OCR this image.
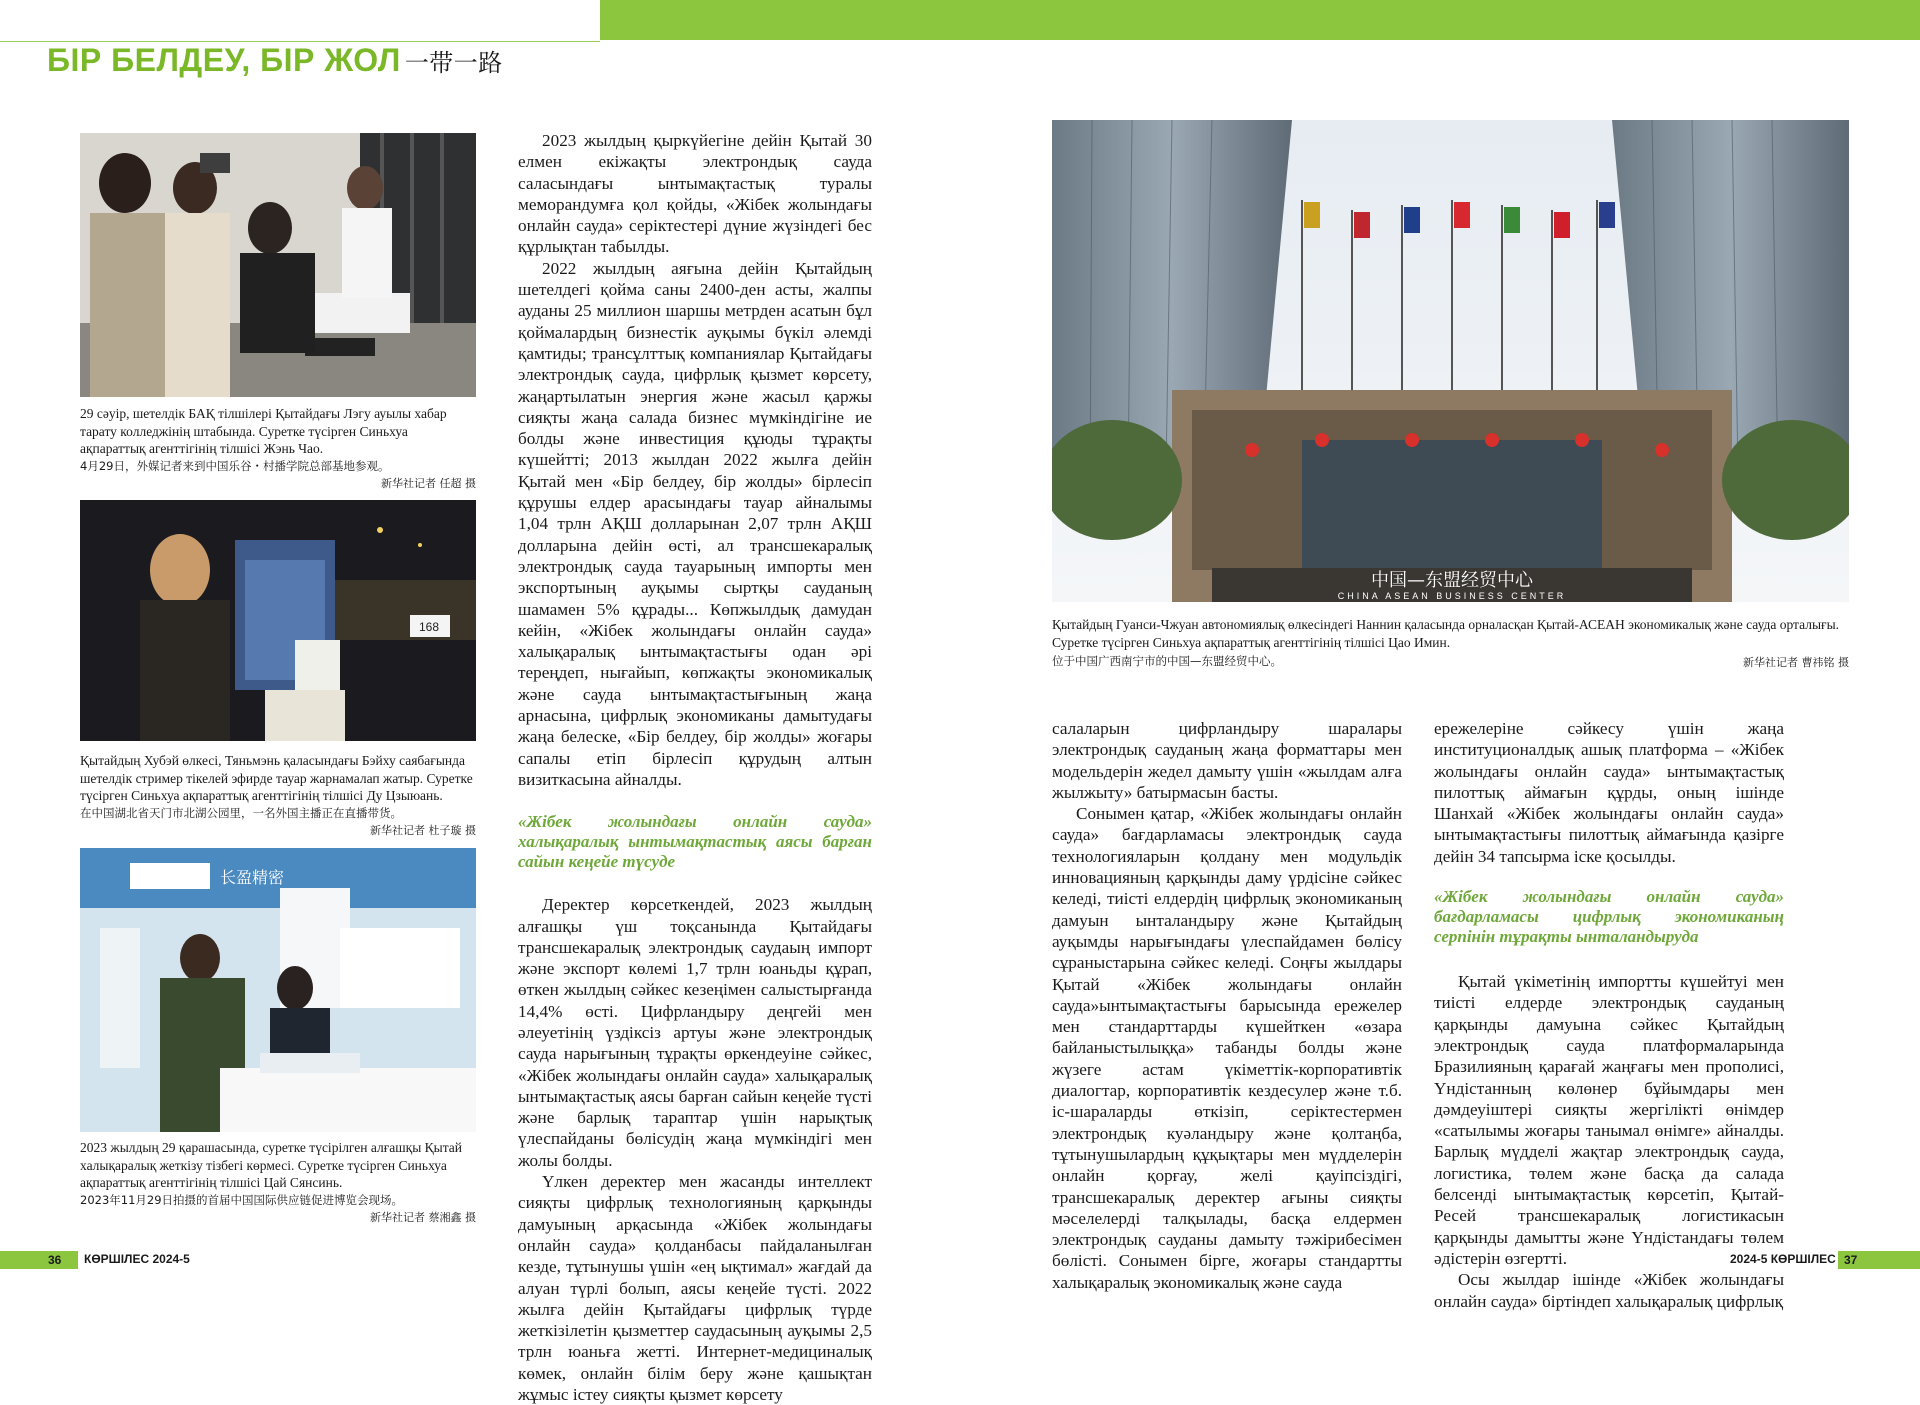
БІР БЕЛДЕУ, БІР ЖОЛ 一带一路
29 сәуір, шетелдік БАҚ тілшілері Қытайдағы Лэгу ауылы хабар тарату колледжінің штабында. Суретке түсірген Синьхуа ақпараттық агенттігінің тілшісі Жэнь Чао.
4月29日，外媒记者来到中国乐谷・村播学院总部基地参观。
新华社记者 任超 摄
168
Қытайдың Хубэй өлкесі, Тяньмэнь қаласындағы Бэйху саябағында шетелдік стример тікелей эфирде тауар жарнамалап жатыр. Суретке түсірген Синьхуа ақпараттық агенттігінің тілшісі Ду Цзыюань.
在中国湖北省天门市北湖公园里，一名外国主播正在直播带货。
新华社记者 杜子璇 摄
长盈精密
2023 жылдың 29 қарашасында, суретке түсірілген алғашқы Қытай халықаралық жеткізу тізбегі көрмесі. Суретке түсірген Синьхуа ақпараттық агенттігінің тілшісі Цай Сянсинь.
2023年11月29日拍摄的首届中国国际供应链促进博览会现场。
新华社记者 蔡湘鑫 摄

2023 жылдың қыркүйегіне дейін Қытай 30 елмен екіжақты электрондық сауда саласындағы ынтымақтастық туралы меморандумға қол қойды, «Жібек жолындағы онлайн сауда» серіктестері дүние жүзіндегі бес құрлықтан табылды.

2022 жылдың аяғына дейін Қытайдың шетелдегі қойма саны 2400-ден асты, жалпы ауданы 25 миллион шаршы метрден асатын бұл қоймалардың бизнестік ауқымы бүкіл әлемді қамтиды; трансұлттық компаниялар Қытайдағы электрондық сауда, цифрлық қызмет көрсету, жаңартылатын энергия және жасыл қаржы сияқты жаңа салада бизнес мүмкіндігіне ие болды және инвестиция құюды тұрақты күшейтті; 2013 жылдан 2022 жылға дейін Қытай мен «Бір белдеу, бір жолды» бірлесіп құрушы елдер арасындағы тауар айналымы 1,04 трлн АҚШ долларынан 2,07 трлн АҚШ долларына дейін өсті, ал трансшекаралық электрондық сауда тауарының импорты мен экспортының ауқымы сыртқы сауданың шамамен 5% құрады... Көпжылдық дамудан кейін, «Жібек жолындағы онлайн сауда» халықаралық ынтымақтастығы одан әрі тереңдеп, нығайып, көпжақты экономикалық және сауда ынтымақтастығының жаңа арнасына, цифрлық экономиканы дамытудағы жаңа белеске, «Бір белдеу, бір жолды» жоғары сапалы етіп бірлесіп құрудың алтын визиткасына айналды.

«Жібек жолындағы онлайн сауда» халықаралық ынтымақтастық аясы барған сайын кеңейе түсуде

Деректер көрсеткендей, 2023 жылдың алғашқы үш тоқсанында Қытайдағы трансшекаралық электрондық саудаың импорт және экспорт көлемі 1,7 трлн юаньды құрап, өткен жылдың сәйкес кезеңімен салыстырғанда 14,4% өсті. Цифрландыру деңгейі мен әлеуетінің үздіксіз артуы және электрондық сауда нарығының тұрақты өркендеуіне сәйкес, «Жібек жолындағы онлайн сауда» халықаралық ынтымақтастық аясы барған сайын кеңейе түсті және барлық тараптар үшін нарықтық үлеспайданы бөлісудің жаңа мүмкіндігі мен жолы болды.

Үлкен деректер мен жасанды интеллект сияқты цифрлық технологияның қарқынды дамуының арқасында «Жібек жолындағы онлайн сауда» қолданбасы пайдаланылған кезде, тұтынушы үшін «ең ықтимал» жағдай да алуан түрлі болып, аясы кеңейе түсті. 2022 жылға дейін Қытайдағы цифрлық түрде жеткізілетін қызметтер саудасының ауқымы 2,5 трлн юаньға жетті. Интернет-медициналық көмек, онлайн білім беру және қашықтан жұмыс істеу сияқты қызмет көрсету

中国—东盟经贸中心
CHINA ASEAN BUSINESS CENTER
Қытайдың Гуанси-Чжуан автономиялық өлкесіндегі Наннин қаласында орналасқан Қытай-АСЕАН экономикалық және сауда орталығы. Суретке түсірген Синьхуа ақпараттық агенттігінің тілшісі Цао Имин.
位于中国广西南宁市的中国—东盟经贸中心。	新华社记者 曹祎铭 摄

салаларын цифрландыру шаралары электрондық сауданың жаңа форматтары мен модельдерін жедел дамыту үшін «жылдам алға жылжыту» батырмасын басты.

Сонымен қатар, «Жібек жолындағы онлайн сауда» бағдарламасы электрондық сауда технологияларын қолдану мен модульдік инновацияның қарқынды даму үрдісіне сәйкес келеді, тиісті елдердің цифрлық экономиканың дамуын ынталандыру және Қытайдың ауқымды нарығындағы үлеспайдамен бөлісу сұраныстарына сәйкес келеді. Соңғы жылдары Қытай «Жібек жолындағы онлайн сауда»ынтымақтастығы барысында ережелер мен стандарттарды күшейткен «өзара байланыстылыққа» табанды болды және жүзеге астам үкіметтік-корпоративтік диалогтар, корпоративтік кездесулер және т.б. іс-шараларды өткізіп, серіктестермен электрондық куәландыру және қолтаңба, тұтынушылардың құқықтары мен мүдделерін онлайн қорғау, желі қауіпсіздігі, трансшекаралық деректер ағыны сияқты мәселелерді талқылады, басқа елдермен электрондық сауданы дамыту тәжірибесімен бөлісті. Сонымен бірге, жоғары стандартты халықаралық экономикалық және сауда

ережелеріне сәйкесу үшін жаңа институционалдық ашық платформа – «Жібек жолындағы онлайн сауда» ынтымақтастық пилоттық аймағын құрды, оның ішінде Шанхай «Жібек жолындағы онлайн сауда» ынтымақтастығы пилоттық аймағында қазірге дейін 34 тапсырма іске қосылды.

«Жібек жолындағы онлайн сауда» бағдарламасы цифрлық экономиканың серпінін тұрақты ынталандыруда

Қытай үкіметінің импортты күшейтуі мен тиісті елдерде электрондық сауданың қарқынды дамуына сәйкес Қытайдың электрондық сауда платформаларында Бразилияның қарағай жаңғағы мен прополисі, Үндістанның көлөнер бұйымдары мен дәмдеуіштері сияқты жергілікті өнімдер «сатылымы жоғары танымал өнімге» айналды. Барлық мүдделі жақтар электрондық сауда, логистика, төлем және басқа да салада белсенді ынтымақтастық көрсетіп, Қытай-Ресей трансшекаралық логистикасын қарқынды дамытты және Үндістандағы төлем әдістерін өзгертті.

Осы жылдар ішінде «Жібек жолындағы онлайн сауда» біртіндеп халықаралық цифрлық

36 КӨРШІЛЕС 2024-5	2024-5 КӨРШІЛЕС 37
